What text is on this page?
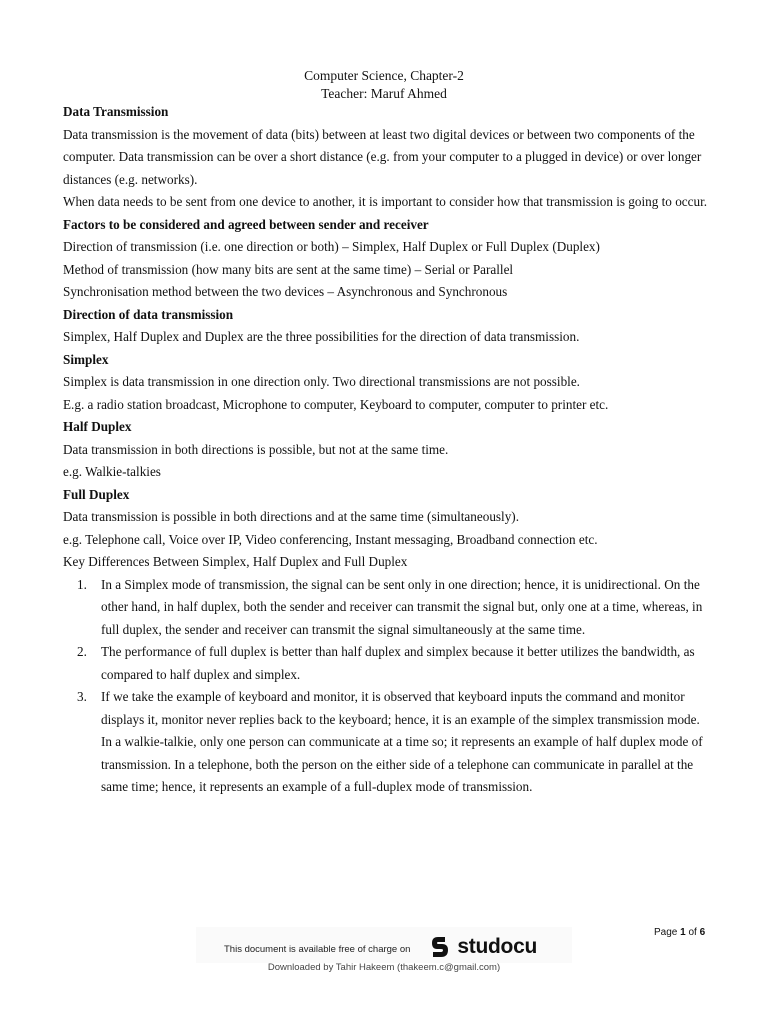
Computer Science, Chapter-2
Teacher: Maruf Ahmed

Data Transmission

Data transmission is the movement of data (bits) between at least two digital devices or between two components of the computer. Data transmission can be over a short distance (e.g. from your computer to a plugged in device) or over longer distances (e.g. networks).

When data needs to be sent from one device to another, it is important to consider how that transmission is going to occur.

Factors to be considered and agreed between sender and receiver

Direction of transmission (i.e. one direction or both) – Simplex, Half Duplex or Full Duplex (Duplex)

Method of transmission (how many bits are sent at the same time) – Serial or Parallel

Synchronisation method between the two devices – Asynchronous and Synchronous

Direction of data transmission

Simplex, Half Duplex and Duplex are the three possibilities for the direction of data transmission.

Simplex

Simplex is data transmission in one direction only. Two directional transmissions are not possible.

E.g. a radio station broadcast, Microphone to computer, Keyboard to computer, computer to printer etc.

Half Duplex

Data transmission in both directions is possible, but not at the same time.

e.g. Walkie-talkies

Full Duplex

Data transmission is possible in both directions and at the same time (simultaneously).

e.g. Telephone call, Voice over IP, Video conferencing, Instant messaging, Broadband connection etc.

Key Differences Between Simplex, Half Duplex and Full Duplex

1. In a Simplex mode of transmission, the signal can be sent only in one direction; hence, it is unidirectional. On the other hand, in half duplex, both the sender and receiver can transmit the signal but, only one at a time, whereas, in full duplex, the sender and receiver can transmit the signal simultaneously at the same time.
2. The performance of full duplex is better than half duplex and simplex because it better utilizes the bandwidth, as compared to half duplex and simplex.
3. If we take the example of keyboard and monitor, it is observed that keyboard inputs the command and monitor displays it, monitor never replies back to the keyboard; hence, it is an example of the simplex transmission mode. In a walkie-talkie, only one person can communicate at a time so; it represents an example of half duplex mode of transmission. In a telephone, both the person on the either side of a telephone can communicate in parallel at the same time; hence, it represents an example of a full-duplex mode of transmission.
Page 1 of 6
This document is available free of charge on studocu
Downloaded by Tahir Hakeem (thakeem.c@gmail.com)
